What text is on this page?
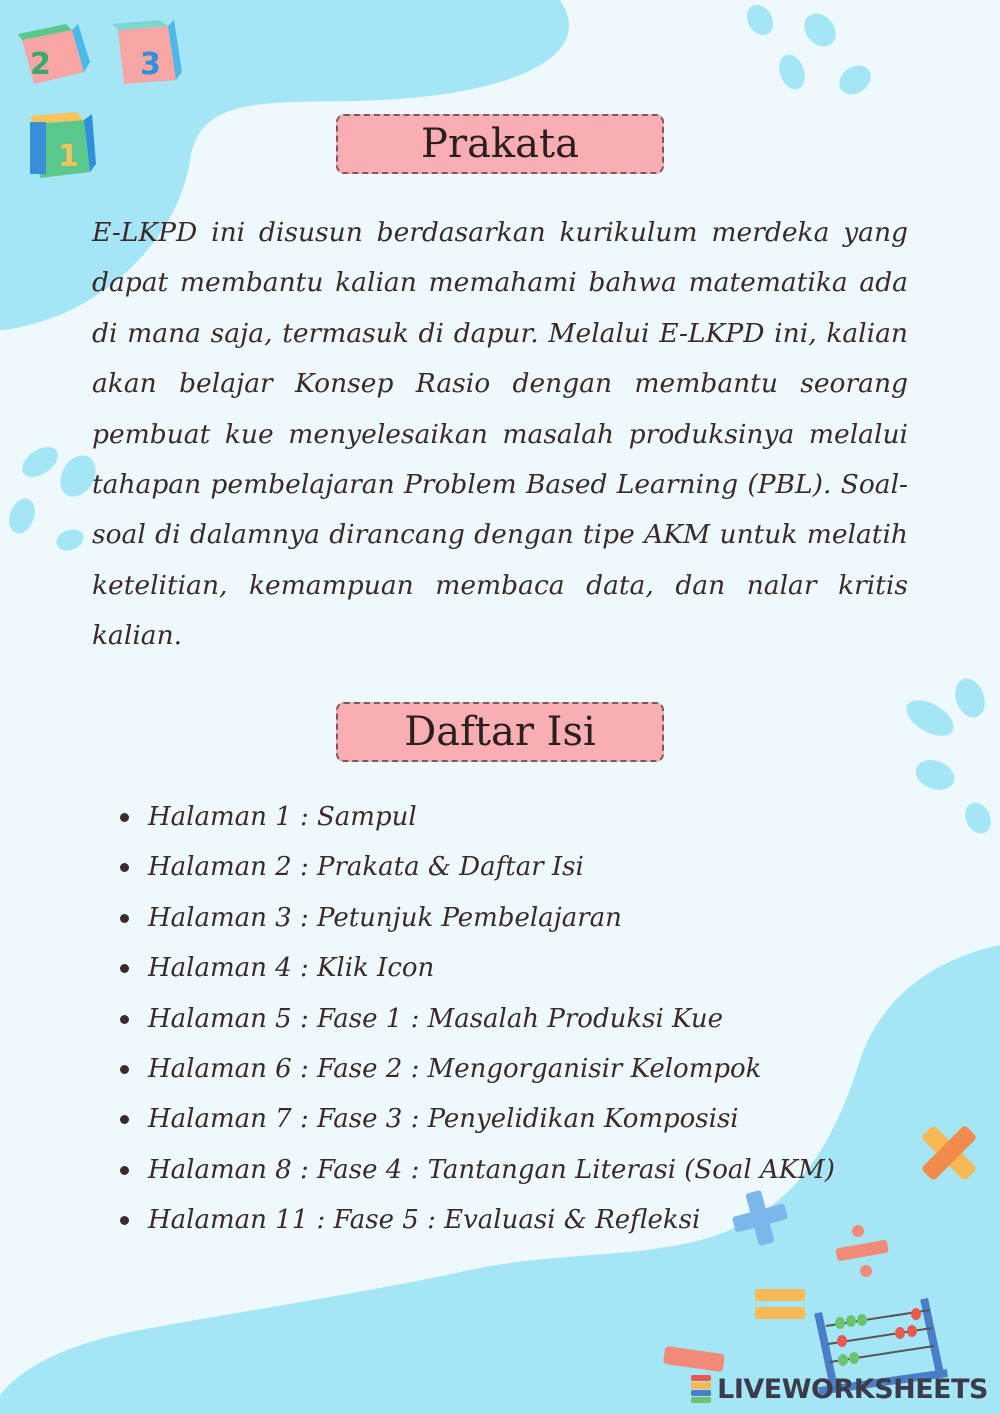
2	3
1	Prakata

E-LKPD ini disusun berdasarkan kurikulum merdeka yang dapat membantu kalian memahami bahwa matematika ada di mana saja, termasuk di dapur. Melalui E-LKPD ini, kalian akan belajar Konsep Rasio dengan membantu seorang pembuat kue menyelesaikan masalah produksinya melalui tahapan pembelajaran Problem Based Learning (PBL). Soal-soal di dalamnya dirancang dengan tipe AKM untuk melatih ketelitian, kemampuan membaca data, dan nalar kritis kalian.

Daftar Isi
Halaman 1 : Sampul
Halaman 2 : Prakata & Daftar Isi
Halaman 3 : Petunjuk Pembelajaran
Halaman 4 : Klik Icon
Halaman 5 : Fase 1 : Masalah Produksi Kue
Halaman 6 : Fase 2 : Mengorganisir Kelompok
Halaman 7 : Fase 3 : Penyelidikan Komposisi
Halaman 8 : Fase 4 : Tantangan Literasi (Soal AKM)
Halaman 11 : Fase 5 : Evaluasi & Refleksi
LIVEWORKSHEETS
